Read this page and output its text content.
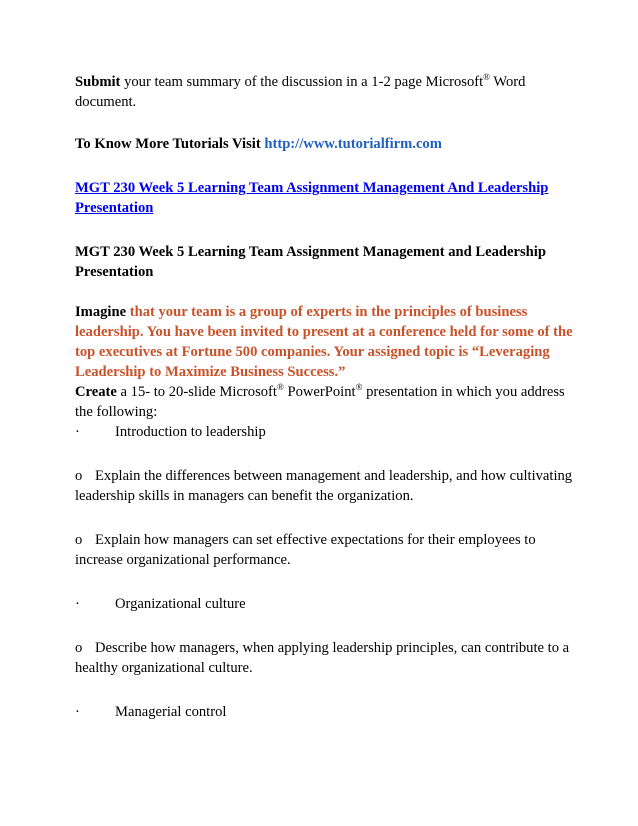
Submit your team summary of the discussion in a 1-2 page Microsoft® Word document.

To Know More Tutorials Visit http://www.tutorialfirm.com

MGT 230 Week 5 Learning Team Assignment Management And Leadership Presentation

MGT 230 Week 5 Learning Team Assignment Management and Leadership Presentation

Imagine that your team is a group of experts in the principles of business leadership. You have been invited to present at a conference held for some of the top executives at Fortune 500 companies. Your assigned topic is “Leveraging Leadership to Maximize Business Success.”

Create a 15- to 20-slide Microsoft® PowerPoint® presentation in which you address the following:

· Introduction to leadership

o Explain the differences between management and leadership, and how cultivating leadership skills in managers can benefit the organization.

o Explain how managers can set effective expectations for their employees to increase organizational performance.

· Organizational culture

o Describe how managers, when applying leadership principles, can contribute to a healthy organizational culture.

· Managerial control
